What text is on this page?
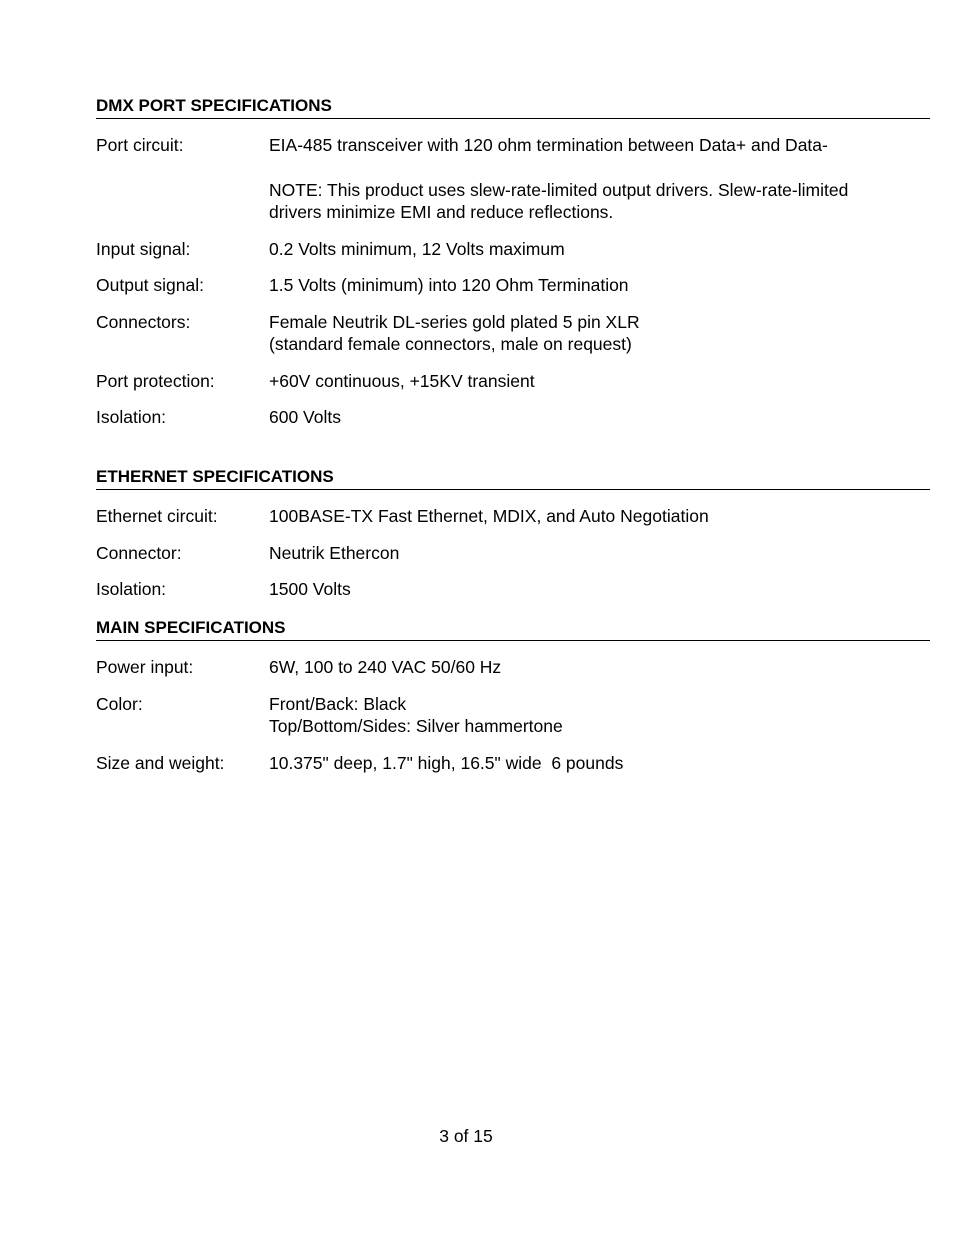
DMX PORT SPECIFICATIONS
Port circuit:	EIA-485 transceiver with 120 ohm termination between Data+ and Data-
NOTE: This product uses slew-rate-limited output drivers. Slew-rate-limited
drivers minimize EMI and reduce reflections.
Input signal:	0.2 Volts minimum, 12 Volts maximum
Output signal:	1.5 Volts (minimum) into 120 Ohm Termination
Connectors:	Female Neutrik DL-series gold plated 5 pin XLR
(standard female connectors, male on request)
Port protection:	+60V continuous, +15KV transient
Isolation:	600 Volts
ETHERNET SPECIFICATIONS
Ethernet circuit:	100BASE-TX Fast Ethernet, MDIX, and Auto Negotiation
Connector:	Neutrik Ethercon
Isolation:	1500 Volts
MAIN SPECIFICATIONS
Power input:	6W, 100 to 240 VAC 50/60 Hz
Color:	Front/Back: Black
Top/Bottom/Sides: Silver hammertone
Size and weight:	10.375" deep, 1.7" high, 16.5" wide  6 pounds
3 of 15
